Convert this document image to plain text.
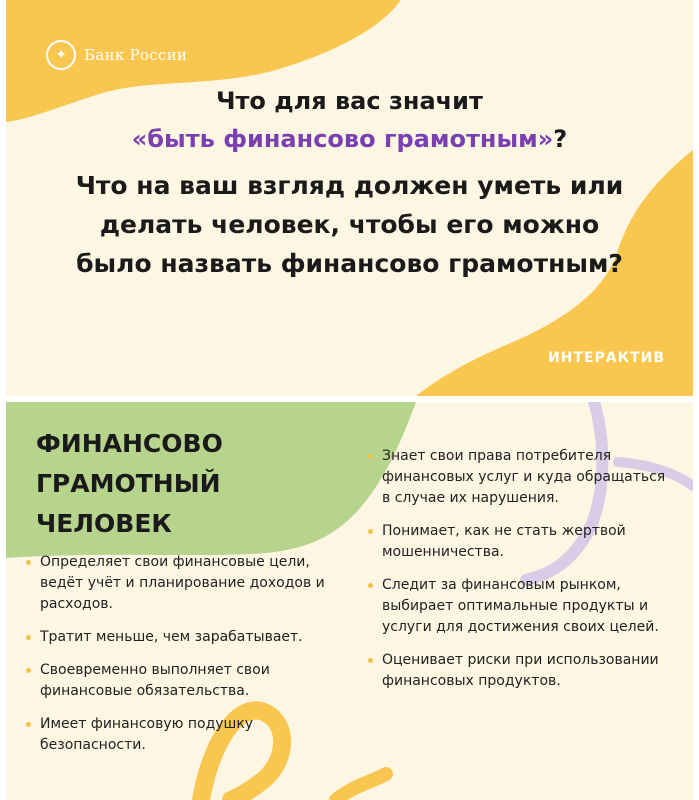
✦	Банк России
Что для вас значит
«быть финансово грамотным»?
Что на ваш взгляд должен уметь или
делать человек, чтобы его можно
было назвать финансово грамотным?
ИНТЕРАКТИВ
ФИНАНСОВО
ГРАМОТНЫЙ
ЧЕЛОВЕК
Определяет свои финансовые цели, ведёт учёт и планирование доходов и расходов.
Тратит меньше, чем зарабатывает.
Своевременно выполняет свои финансовые обязательства.
Имеет финансовую подушку безопасности.
Знает свои права потребителя финансовых услуг и куда обращаться в случае их нарушения.
Понимает, как не стать жертвой мошенничества.
Следит за финансовым рынком, выбирает оптимальные продукты и услуги для достижения своих целей.
Оценивает риски при использовании финансовых продуктов.
